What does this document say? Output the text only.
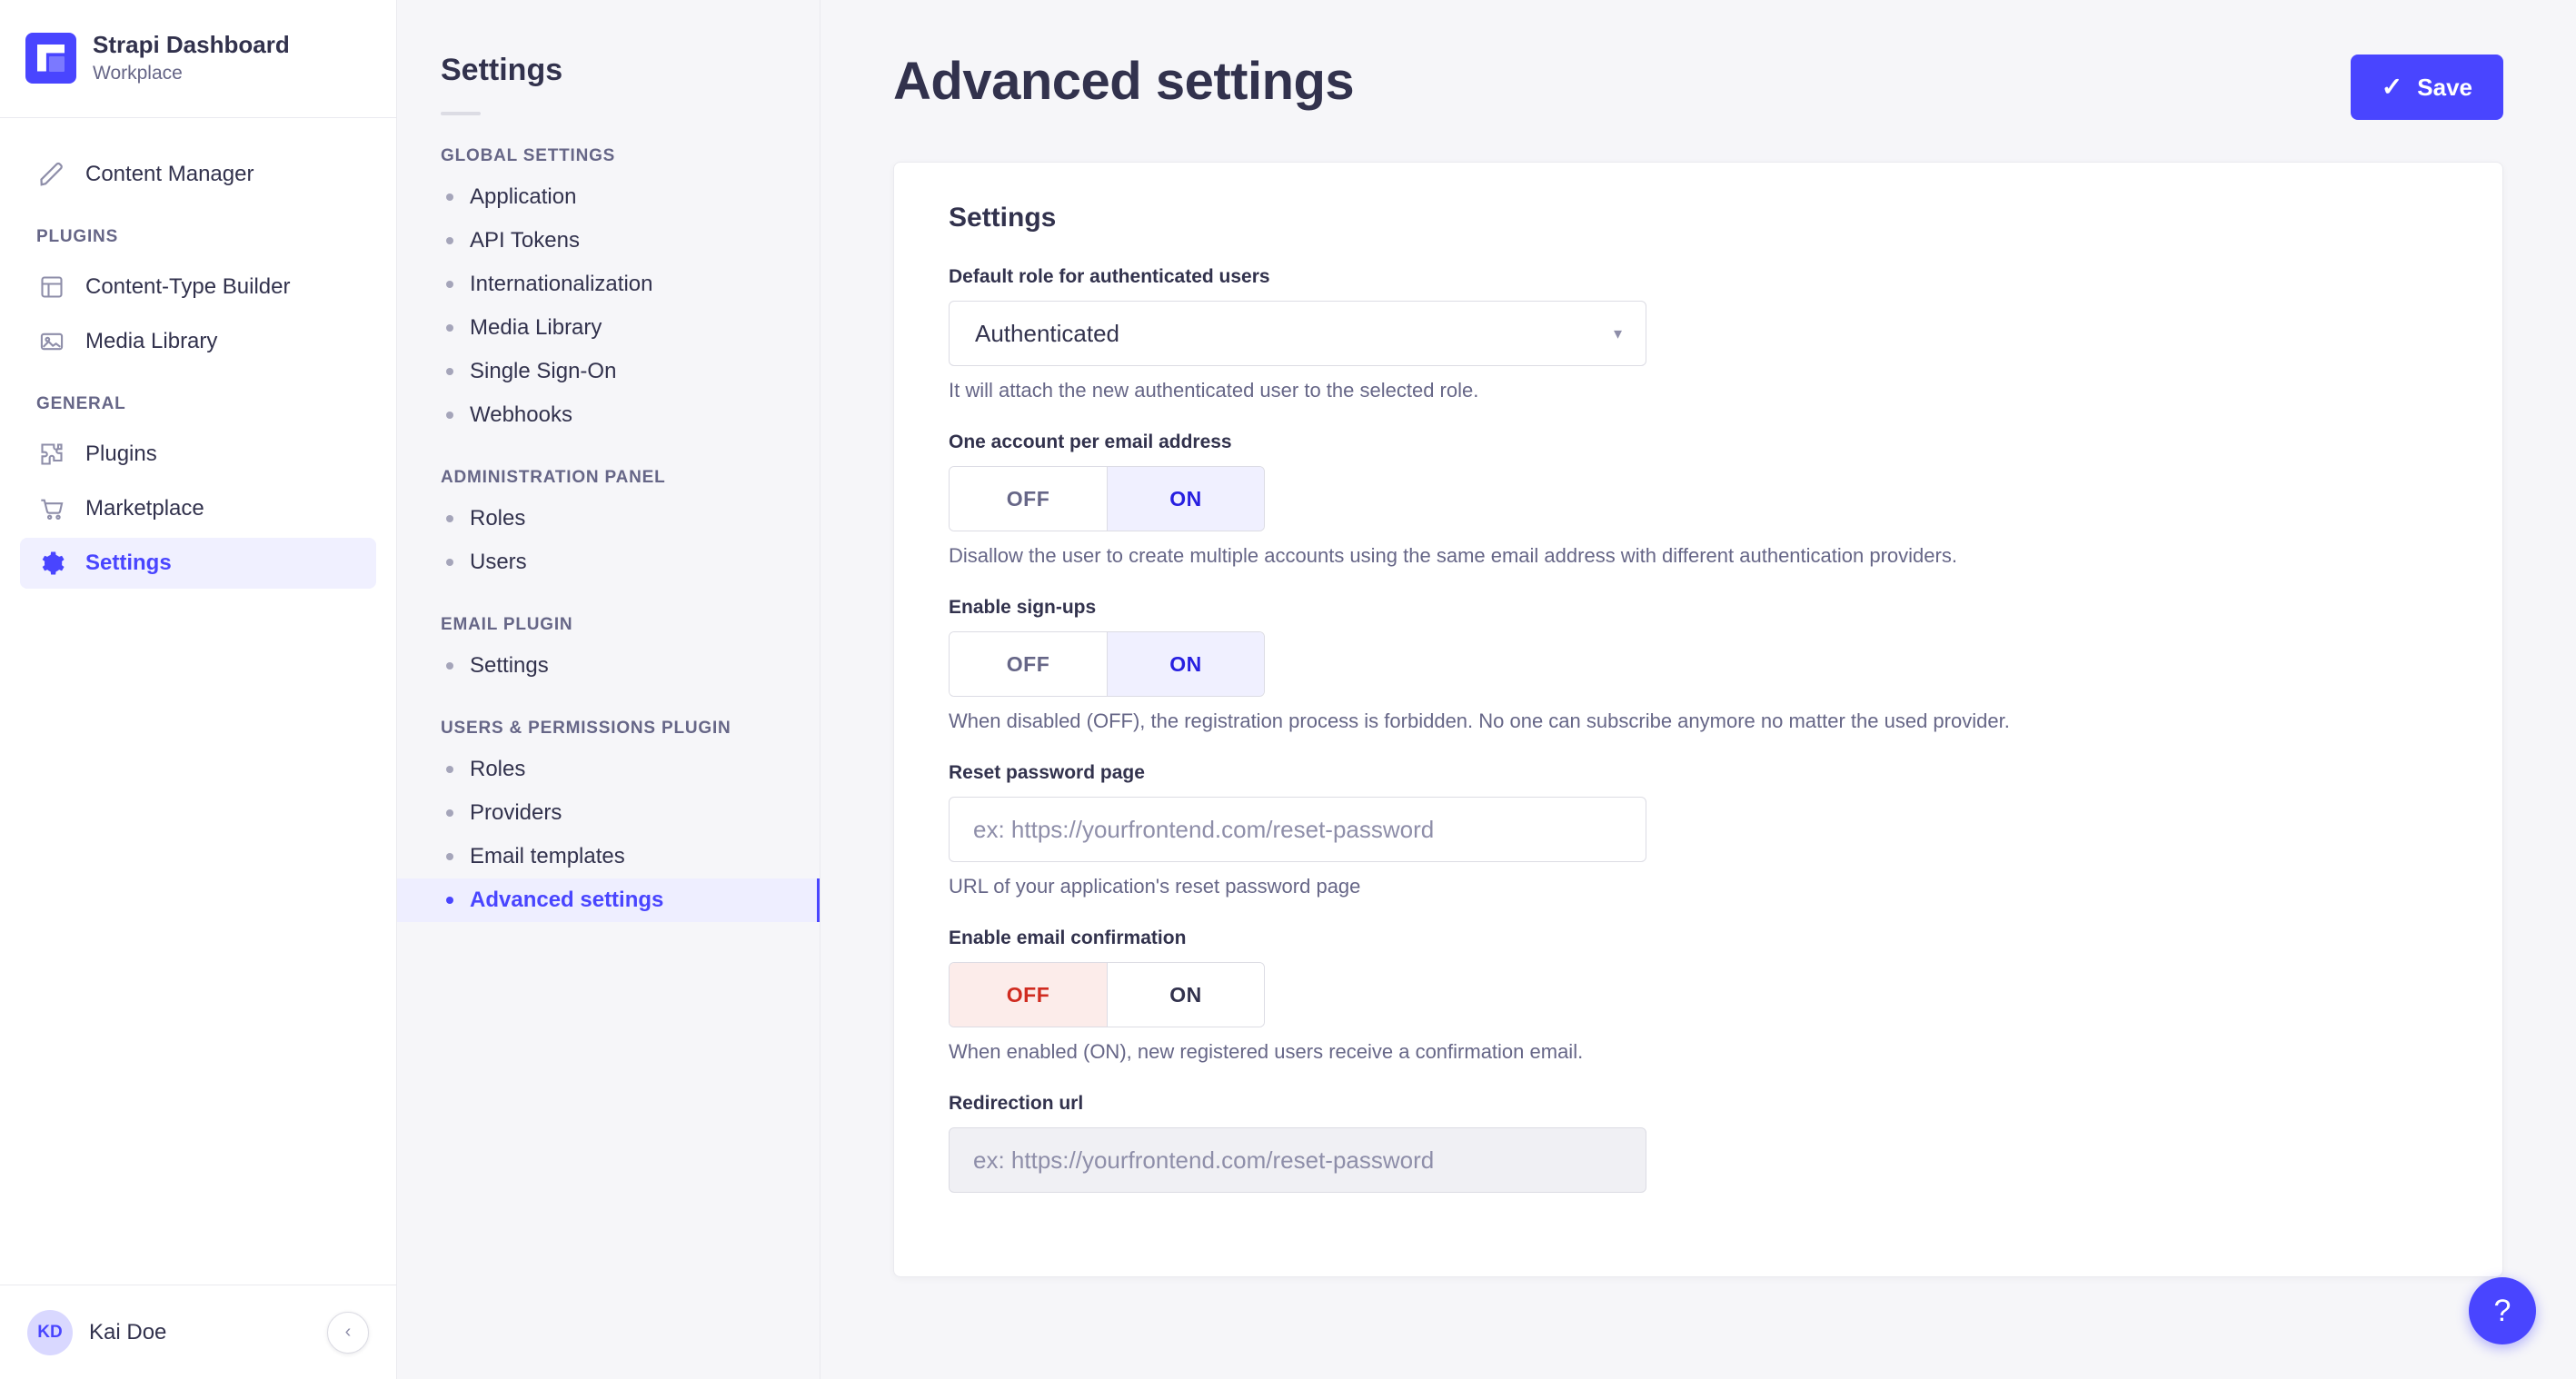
Strapi Dashboard
Workplace
Content Manager
PLUGINS
Content-Type Builder
Media Library
GENERAL
Plugins
Marketplace
Settings
KD	Kai Doe	‹
Settings
GLOBAL SETTINGS
Application
API Tokens
Internationalization
Media Library
Single Sign-On
Webhooks
ADMINISTRATION PANEL
Roles
Users
EMAIL PLUGIN
Settings
USERS & PERMISSIONS PLUGIN
Roles
Providers
Email templates
Advanced settings
Advanced settings	✓ Save
Settings
Default role for authenticated users
Authenticated	▾
It will attach the new authenticated user to the selected role.
One account per email address
OFF	ON
Disallow the user to create multiple accounts using the same email address with different authentication providers.
Enable sign-ups
OFF	ON
When disabled (OFF), the registration process is forbidden. No one can subscribe anymore no matter the used provider.
Reset password page
ex: https://yourfrontend.com/reset-password
URL of your application's reset password page
Enable email confirmation
OFF	ON
When enabled (ON), new registered users receive a confirmation email.
Redirection url
ex: https://yourfrontend.com/reset-password
?
